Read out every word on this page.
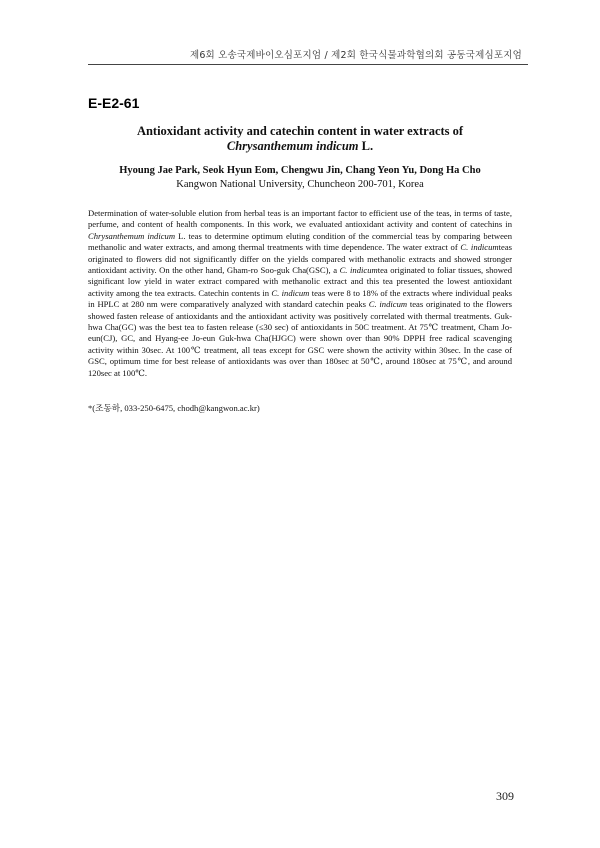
제6회 오송국제바이오심포지엄 / 제2회 한국식물과학협의회 공동국제심포지엄
E-E2-61
Antioxidant activity and catechin content in water extracts of
Chrysanthemum indicum L.
Hyoung Jae Park, Seok Hyun Eom, Chengwu Jin, Chang Yeon Yu, Dong Ha Cho
Kangwon National University, Chuncheon 200-701, Korea
Determination of water-soluble elution from herbal teas is an important factor to efficient use of the teas, in terms of taste, perfume, and content of health components. In this work, we evaluated antioxidant activity and content of catechins in Chrysanthemum indicum L. teas to determine optimum eluting condition of the commercial teas by comparing between methanolic and water extracts, and among thermal treatments with time dependence. The water extract of C. indicumteas originated to flowers did not significantly differ on the yields compared with methanolic extracts and showed stronger antioxidant activity. On the other hand, Gham-ro Soo-guk Cha(GSC), a C. indicumtea originated to foliar tissues, showed significant low yield in water extract compared with methanolic extract and this tea presented the lowest antioxidant activity among the tea extracts. Catechin contents in C. indicum teas were 8 to 18% of the extracts where individual peaks in HPLC at 280 nm were comparatively analyzed with standard catechin peaks C. indicum teas originated to the flowers showed fasten release of antioxidants and the antioxidant activity was positively correlated with thermal treatments. Guk-hwa Cha(GC) was the best tea to fasten release (≤30 sec) of antioxidants in 50C treatment. At 75℃ treatment, Cham Jo-eun(CJ), GC, and Hyang-ee Jo-eun Guk-hwa Cha(HJGC) were shown over than 90% DPPH free radical scavenging activity within 30sec. At 100℃ treatment, all teas except for GSC were shown the activity within 30sec. In the case of GSC, optimum time for best release of antioxidants was over than 180sec at 50℃, around 180sec at 75℃, and around 120sec at 100℃.
*(조동하, 033-250-6475, chodh@kangwon.ac.kr)
309
